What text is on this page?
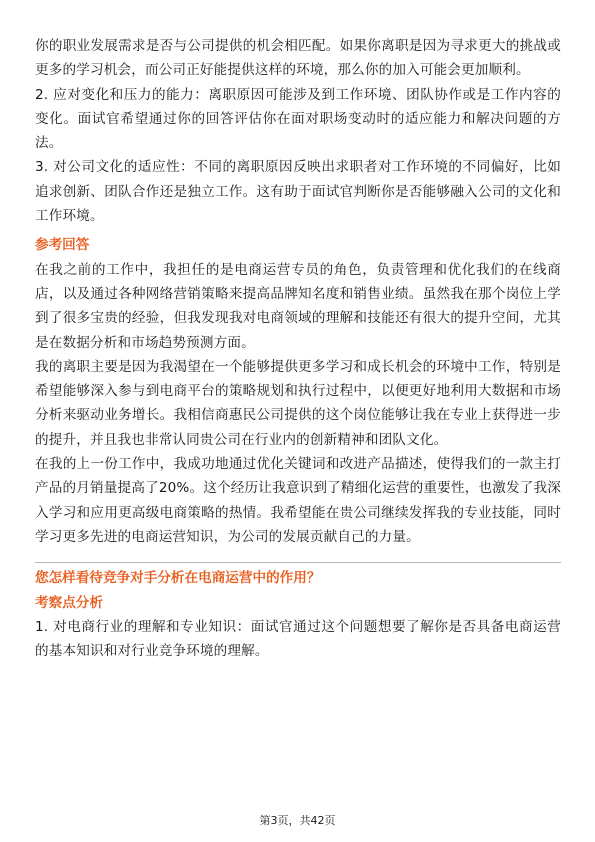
你的职业发展需求是否与公司提供的机会相匹配。如果你离职是因为寻求更大的挑战或更多的学习机会，而公司正好能提供这样的环境，那么你的加入可能会更加顺利。

2. 应对变化和压力的能力：离职原因可能涉及到工作环境、团队协作或是工作内容的变化。面试官希望通过你的回答评估你在面对职场变动时的适应能力和解决问题的方法。

3. 对公司文化的适应性：不同的离职原因反映出求职者对工作环境的不同偏好，比如追求创新、团队合作还是独立工作。这有助于面试官判断你是否能够融入公司的文化和工作环境。

参考回答

在我之前的工作中，我担任的是电商运营专员的角色，负责管理和优化我们的在线商店，以及通过各种网络营销策略来提高品牌知名度和销售业绩。虽然我在那个岗位上学到了很多宝贵的经验，但我发现我对电商领域的理解和技能还有很大的提升空间，尤其是在数据分析和市场趋势预测方面。

我的离职主要是因为我渴望在一个能够提供更多学习和成长机会的环境中工作，特别是希望能够深入参与到电商平台的策略规划和执行过程中，以便更好地利用大数据和市场分析来驱动业务增长。我相信商惠民公司提供的这个岗位能够让我在专业上获得进一步的提升，并且我也非常认同贵公司在行业内的创新精神和团队文化。

在我的上一份工作中，我成功地通过优化关键词和改进产品描述，使得我们的一款主打产品的月销量提高了20%。这个经历让我意识到了精细化运营的重要性，也激发了我深入学习和应用更高级电商策略的热情。我希望能在贵公司继续发挥我的专业技能，同时学习更多先进的电商运营知识，为公司的发展贡献自己的力量。

您怎样看待竞争对手分析在电商运营中的作用？

考察点分析

1. 对电商行业的理解和专业知识：面试官通过这个问题想要了解你是否具备电商运营的基本知识和对行业竞争环境的理解。

第3页，共42页
